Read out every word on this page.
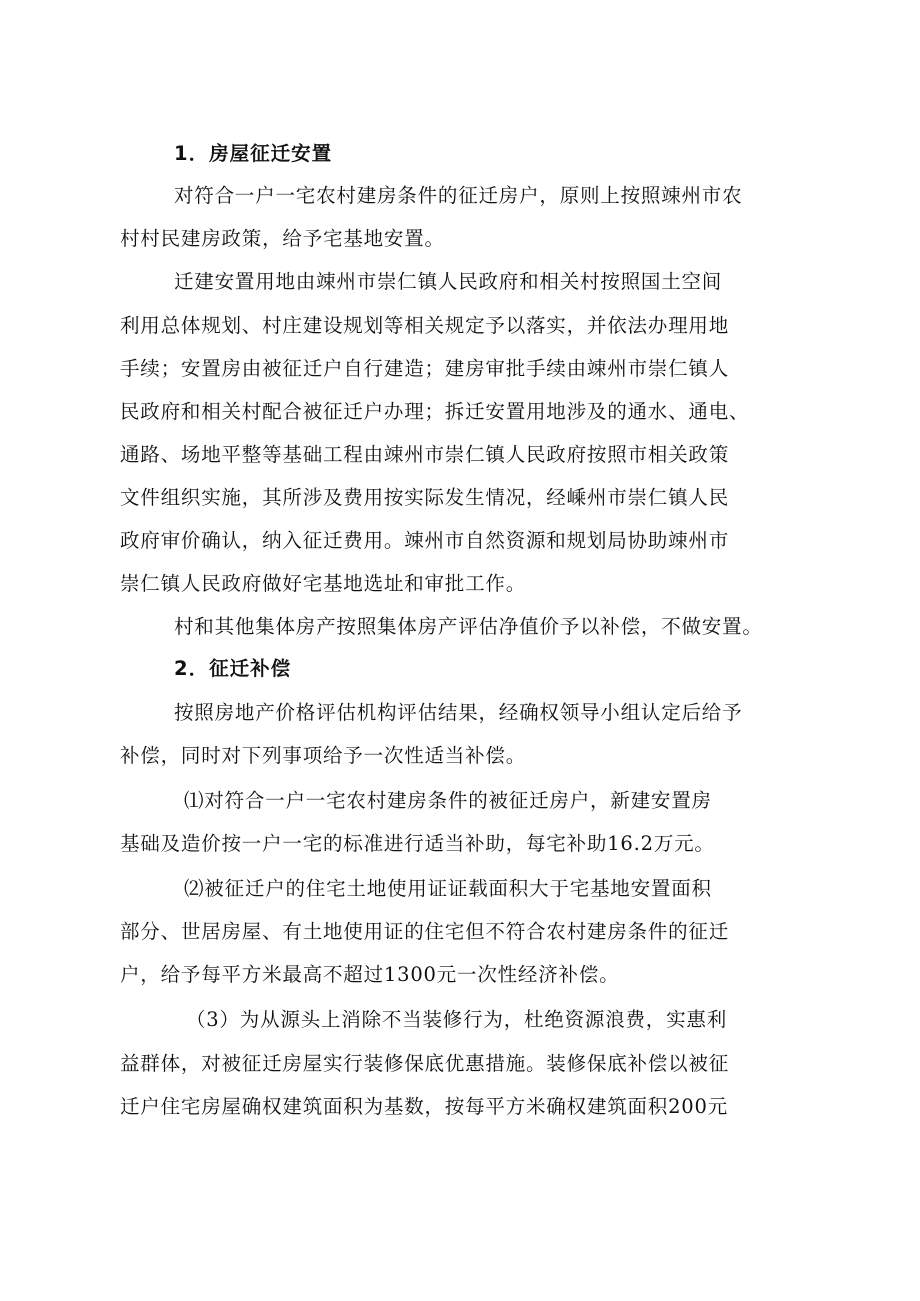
1．房屋征迁安置
对符合一户一宅农村建房条件的征迁房户，原则上按照竦州市农
村村民建房政策，给予宅基地安置。
迁建安置用地由竦州市崇仁镇人民政府和相关村按照国土空间
利用总体规划、村庄建设规划等相关规定予以落实，并依法办理用地
手续；安置房由被征迁户自行建造；建房审批手续由竦州市崇仁镇人
民政府和相关村配合被征迁户办理；拆迁安置用地涉及的通水、通电、
通路、场地平整等基础工程由竦州市崇仁镇人民政府按照市相关政策
文件组织实施，其所涉及费用按实际发生情况，经嵊州市崇仁镇人民
政府审价确认，纳入征迁费用。竦州市自然资源和规划局协助竦州市
崇仁镇人民政府做好宅基地选址和审批工作。
村和其他集体房产按照集体房产评估净值价予以补偿，不做安置。
2．征迁补偿
按照房地产价格评估机构评估结果，经确权领导小组认定后给予
补偿，同时对下列事项给予一次性适当补偿。
⑴对符合一户一宅农村建房条件的被征迁房户，新建安置房
基础及造价按一户一宅的标准进行适当补助，每宅补助16.2万元。
⑵被征迁户的住宅土地使用证证载面积大于宅基地安置面积
部分、世居房屋、有土地使用证的住宅但不符合农村建房条件的征迁
户，给予每平方米最高不超过1300元一次性经济补偿。
（3）为从源头上消除不当装修行为，杜绝资源浪费，实惠利
益群体，对被征迁房屋实行装修保底优惠措施。装修保底补偿以被征
迁户住宅房屋确权建筑面积为基数，按每平方米确权建筑面积200元
